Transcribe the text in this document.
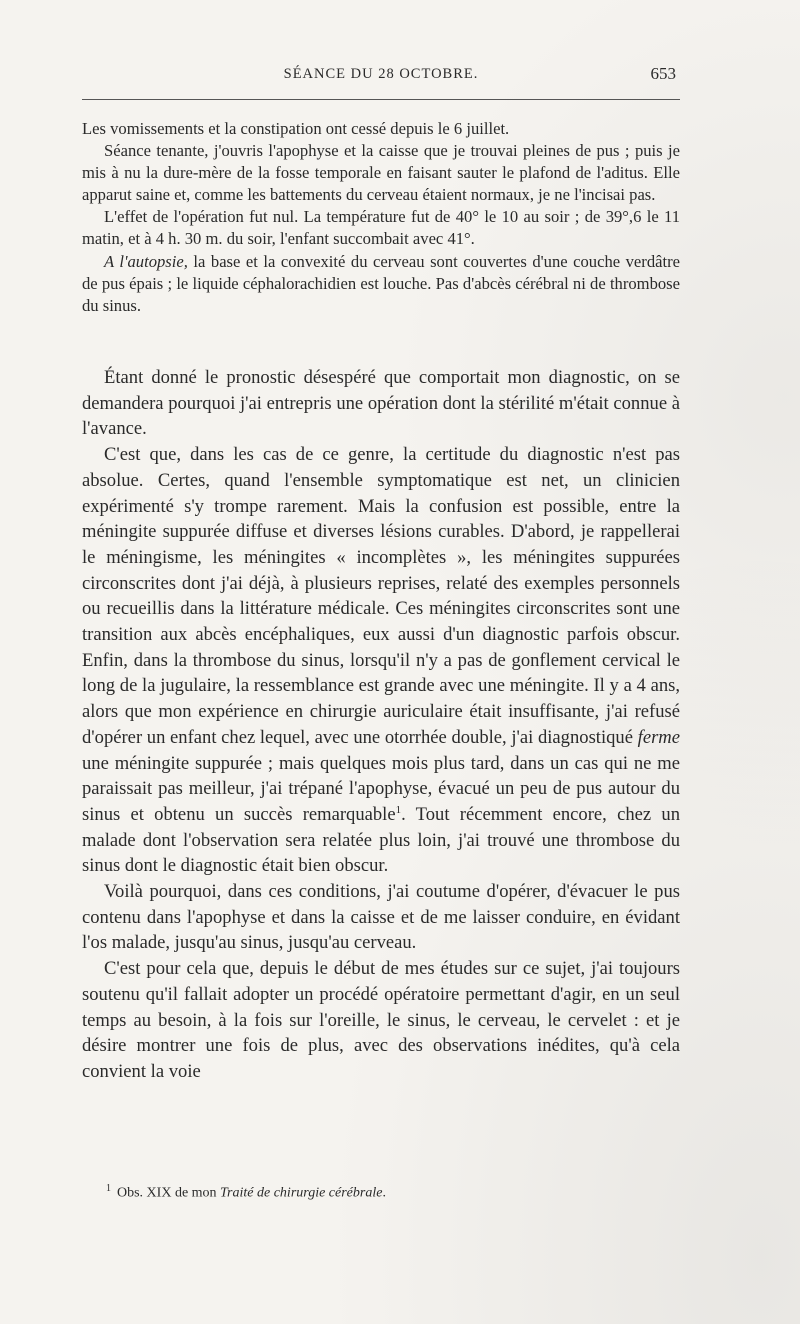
SÉANCE DU 28 OCTOBRE.	653

Les vomissements et la constipation ont cessé depuis le 6 juillet.

Séance tenante, j'ouvris l'apophyse et la caisse que je trouvai pleines de pus ; puis je mis à nu la dure-mère de la fosse temporale en faisant sauter le plafond de l'aditus. Elle apparut saine et, comme les battements du cerveau étaient normaux, je ne l'incisai pas.

L'effet de l'opération fut nul. La température fut de 40° le 10 au soir ; de 39°,6 le 11 matin, et à 4 h. 30 m. du soir, l'enfant succombait avec 41°.

A l'autopsie, la base et la convexité du cerveau sont couvertes d'une couche verdâtre de pus épais ; le liquide céphalorachidien est louche. Pas d'abcès cérébral ni de thrombose du sinus.

Étant donné le pronostic désespéré que comportait mon diagnostic, on se demandera pourquoi j'ai entrepris une opération dont la stérilité m'était connue à l'avance.

C'est que, dans les cas de ce genre, la certitude du diagnostic n'est pas absolue. Certes, quand l'ensemble symptomatique est net, un clinicien expérimenté s'y trompe rarement. Mais la confusion est possible, entre la méningite suppurée diffuse et diverses lésions curables. D'abord, je rappellerai le méningisme, les méningites « incomplètes », les méningites suppurées circonscrites dont j'ai déjà, à plusieurs reprises, relaté des exemples personnels ou recueillis dans la littérature médicale. Ces méningites circonscrites sont une transition aux abcès encéphaliques, eux aussi d'un diagnostic parfois obscur. Enfin, dans la thrombose du sinus, lorsqu'il n'y a pas de gonflement cervical le long de la jugulaire, la ressemblance est grande avec une méningite. Il y a 4 ans, alors que mon expérience en chirurgie auriculaire était insuffisante, j'ai refusé d'opérer un enfant chez lequel, avec une otorrhée double, j'ai diagnostiqué ferme une méningite suppurée ; mais quelques mois plus tard, dans un cas qui ne me paraissait pas meilleur, j'ai trépané l'apophyse, évacué un peu de pus autour du sinus et obtenu un succès remarquable$^1$. Tout récemment encore, chez un malade dont l'observation sera relatée plus loin, j'ai trouvé une thrombose du sinus dont le diagnostic était bien obscur.

Voilà pourquoi, dans ces conditions, j'ai coutume d'opérer, d'évacuer le pus contenu dans l'apophyse et dans la caisse et de me laisser conduire, en évidant l'os malade, jusqu'au sinus, jusqu'au cerveau.

C'est pour cela que, depuis le début de mes études sur ce sujet, j'ai toujours soutenu qu'il fallait adopter un procédé opératoire permettant d'agir, en un seul temps au besoin, à la fois sur l'oreille, le sinus, le cerveau, le cervelet : et je désire montrer une fois de plus, avec des observations inédites, qu'à cela convient la voie

$^1$ Obs. XIX de mon Traité de chirurgie cérébrale.
